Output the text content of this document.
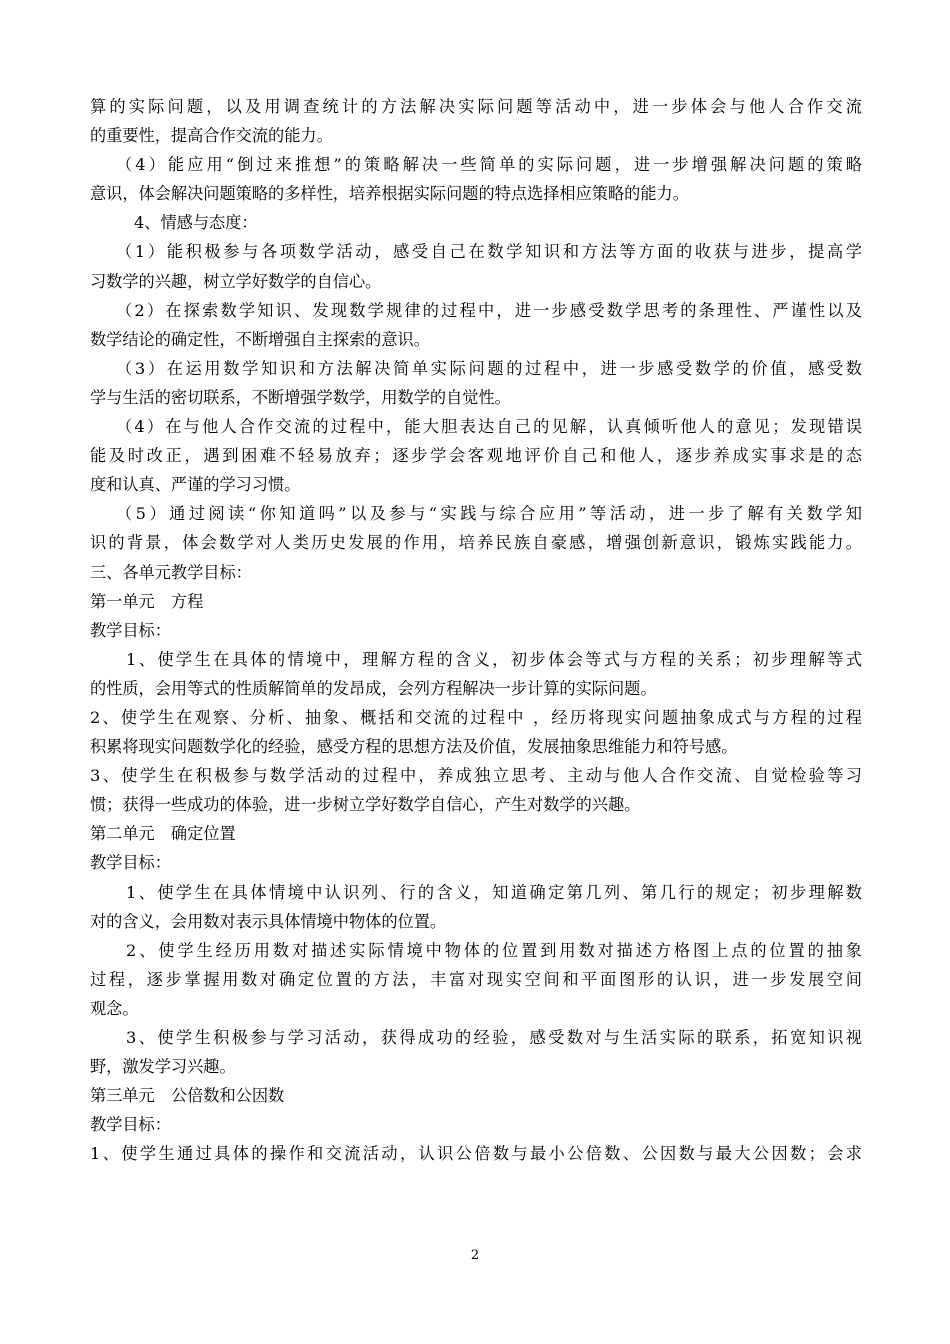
算的实际问题，以及用调查统计的方法解决实际问题等活动中，进一步体会与他人合作交流
的重要性，提高合作交流的能力。
（4）能应用“倒过来推想”的策略解决一些简单的实际问题，进一步增强解决问题的策略
意识，体会解决问题策略的多样性，培养根据实际问题的特点选择相应策略的能力。
4、情感与态度：
（1）能积极参与各项数学活动，感受自己在数学知识和方法等方面的收获与进步，提高学
习数学的兴趣，树立学好数学的自信心。
（2）在探索数学知识、发现数学规律的过程中，进一步感受数学思考的条理性、严谨性以及
数学结论的确定性，不断增强自主探索的意识。
（3）在运用数学知识和方法解决简单实际问题的过程中，进一步感受数学的价值，感受数
学与生活的密切联系，不断增强学数学，用数学的自觉性。
（4）在与他人合作交流的过程中，能大胆表达自己的见解，认真倾听他人的意见；发现错误
能及时改正，遇到困难不轻易放弃；逐步学会客观地评价自己和他人，逐步养成实事求是的态
度和认真、严谨的学习习惯。
（5）通过阅读“你知道吗”以及参与“实践与综合应用”等活动，进一步了解有关数学知
识的背景，体会数学对人类历史发展的作用，培养民族自豪感，增强创新意识，锻炼实践能力。
三、各单元教学目标：
第一单元　方程
教学目标：
1、使学生在具体的情境中，理解方程的含义，初步体会等式与方程的关系；初步理解等式
的性质，会用等式的性质解简单的发昂成，会列方程解决一步计算的实际问题。
2、使学生在观察、分析、抽象、概括和交流的过程中 ，经历将现实问题抽象成式与方程的过程
积累将现实问题数学化的经验，感受方程的思想方法及价值，发展抽象思维能力和符号感。
3、使学生在积极参与数学活动的过程中，养成独立思考、主动与他人合作交流、自觉检验等习
惯；获得一些成功的体验，进一步树立学好数学自信心，产生对数学的兴趣。
第二单元　确定位置
教学目标：
1、使学生在具体情境中认识列、行的含义，知道确定第几列、第几行的规定；初步理解数
对的含义，会用数对表示具体情境中物体的位置。
2、使学生经历用数对描述实际情境中物体的位置到用数对描述方格图上点的位置的抽象
过程，逐步掌握用数对确定位置的方法，丰富对现实空间和平面图形的认识，进一步发展空间
观念。
3、使学生积极参与学习活动，获得成功的经验，感受数对与生活实际的联系，拓宽知识视
野，激发学习兴趣。
第三单元　公倍数和公因数
教学目标：
1、使学生通过具体的操作和交流活动，认识公倍数与最小公倍数、公因数与最大公因数；会求
2
